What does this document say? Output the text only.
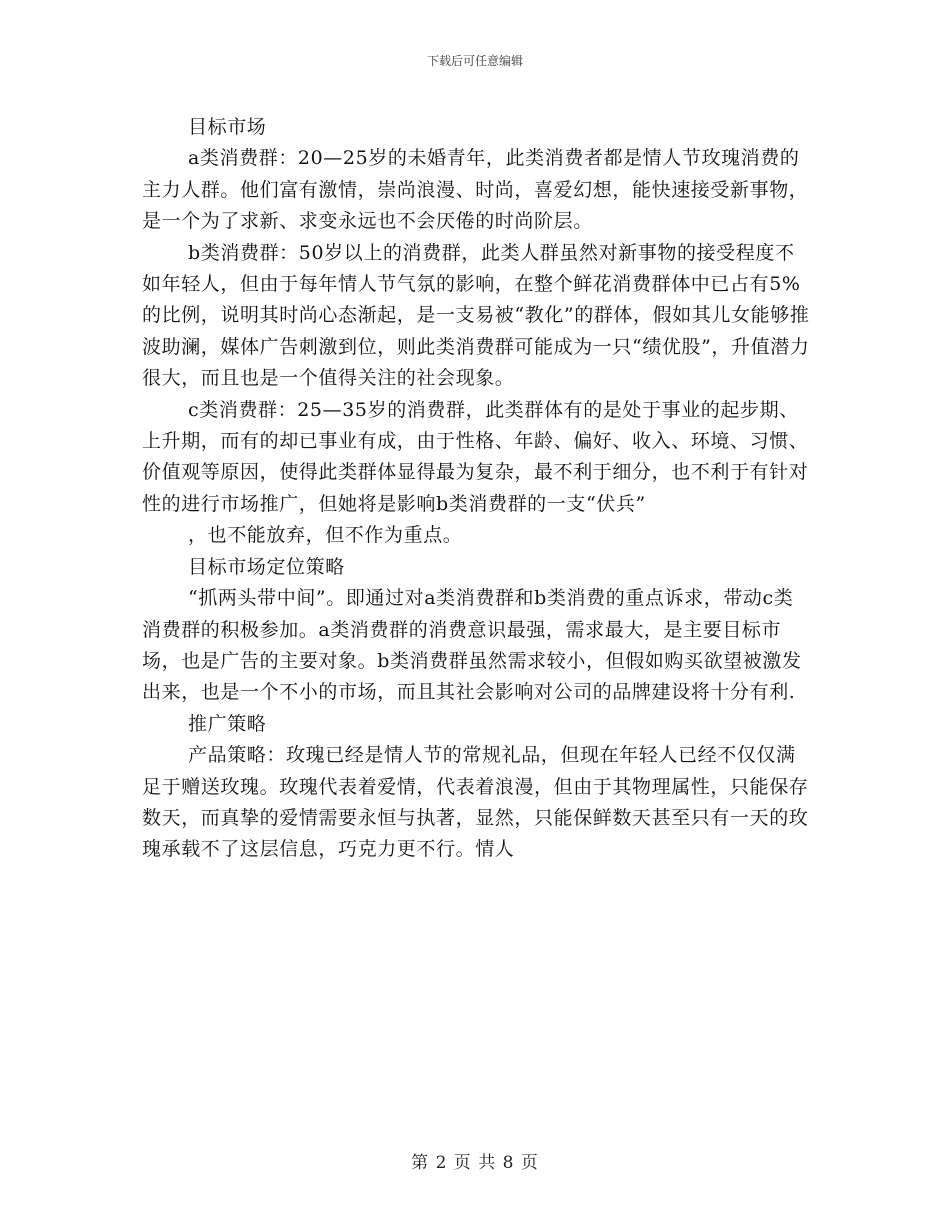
下载后可任意编辑

目标市场

a类消费群：20—25岁的未婚青年，此类消费者都是情人节玫瑰消费的主力人群。他们富有激情，崇尚浪漫、时尚，喜爱幻想，能快速接受新事物，是一个为了求新、求变永远也不会厌倦的时尚阶层。

b类消费群：50岁以上的消费群，此类人群虽然对新事物的接受程度不如年轻人，但由于每年情人节气氛的影响，在整个鲜花消费群体中已占有5%的比例，说明其时尚心态渐起，是一支易被“教化”的群体，假如其儿女能够推波助澜，媒体广告刺激到位，则此类消费群可能成为一只“绩优股”，升值潜力很大，而且也是一个值得关注的社会现象。

c类消费群：25—35岁的消费群，此类群体有的是处于事业的起步期、上升期，而有的却已事业有成，由于性格、年龄、偏好、收入、环境、习惯、价值观等原因，使得此类群体显得最为复杂，最不利于细分，也不利于有针对性的进行市场推广，但她将是影响b类消费群的一支“伏兵”

，也不能放弃，但不作为重点。

目标市场定位策略

“抓两头带中间”。即通过对a类消费群和b类消费的重点诉求，带动c类消费群的积极参加。a类消费群的消费意识最强，需求最大，是主要目标市场，也是广告的主要对象。b类消费群虽然需求较小，但假如购买欲望被激发出来，也是一个不小的市场，而且其社会影响对公司的品牌建设将十分有利.

推广策略

产品策略：玫瑰已经是情人节的常规礼品，但现在年轻人已经不仅仅满足于赠送玫瑰。玫瑰代表着爱情，代表着浪漫，但由于其物理属性，只能保存数天，而真挚的爱情需要永恒与执著，显然，只能保鲜数天甚至只有一天的玫瑰承载不了这层信息，巧克力更不行。情人

第 2 页 共 8 页
